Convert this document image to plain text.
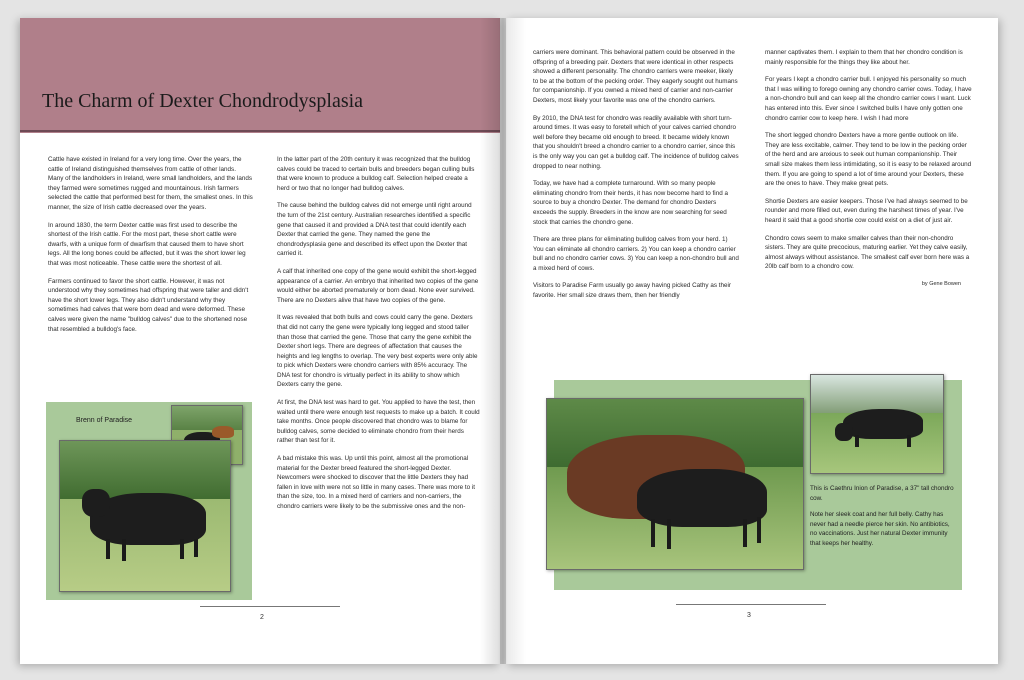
The Charm of Dexter Chondrodysplasia

Cattle have existed in Ireland for a very long time. Over the years, the cattle of Ireland distinguished themselves from cattle of other lands. Many of the landholders in Ireland, were small landholders, and the lands they farmed were sometimes rugged and mountainous. Irish farmers selected the cattle that performed best for them, the smallest ones. In this manner, the size of Irish cattle decreased over the years.

In around 1830, the term Dexter cattle was first used to describe the shortest of the Irish cattle. For the most part, these short cattle were dwarfs, with a unique form of dwarfism that caused them to have short legs. All the long bones could be affected, but it was the short lower leg that was most noticeable. These cattle were the shortest of all.

Farmers continued to favor the short cattle. However, it was not understood why they sometimes had offspring that were taller and didn't have the short lower legs. They also didn't understand why they sometimes had calves that were born dead and were deformed. These calves were given the name "bulldog calves" due to the shortened nose that resembled a bulldog's face.

In the latter part of the 20th century it was recognized that the bulldog calves could be traced to certain bulls and breeders began culling bulls that were known to produce a bulldog calf. Selection helped create a herd or two that no longer had bulldog calves.

The cause behind the bulldog calves did not emerge until right around the turn of the 21st century. Australian researches identified a specific gene that caused it and provided a DNA test that could identify each Dexter that carried the gene. They named the gene the chondrodysplasia gene and described its effect upon the Dexter that carried it.

A calf that inherited one copy of the gene would exhibit the short-legged appearance of a carrier. An embryo that inherited two copies of the gene would either be aborted prematurely or born dead. None ever survived. There are no Dexters alive that have two copies of the gene.

It was revealed that both bulls and cows could carry the gene. Dexters that did not carry the gene were typically long legged and stood taller than those that carried the gene. Those that carry the gene exhibit the Dexter short legs. There are degrees of affectation that causes the heights and leg lengths to overlap. The very best experts were only able to pick which Dexters were chondro carriers with 85% accuracy. The DNA test for chondro is virtually perfect in its ability to show which Dexters carry the gene.

At first, the DNA test was hard to get. You applied to have the test, then waited until there were enough test requests to make up a batch. It could take months. Once people discovered that chondro was to blame for bulldog calves, some decided to eliminate chondro from their herds rather than test for it.

A bad mistake this was. Up until this point, almost all the promotional material for the Dexter breed featured the short-legged Dexter. Newcomers were shocked to discover that the little Dexters they had fallen in love with were not so little in many cases. There was more to it than the size, too. In a mixed herd of carriers and non-carriers, the chondro carriers were likely to be the submissive ones and the non-

Brenn of Paradise
2

carriers were dominant. This behavioral pattern could be observed in the offspring of a breeding pair. Dexters that were identical in other respects showed a different personality. The chondro carriers were meeker, likely to be at the bottom of the pecking order. They eagerly sought out humans for companionship. If you owned a mixed herd of carrier and non-carrier Dexters, most likely your favorite was one of the chondro carriers.

By 2010, the DNA test for chondro was readily available with short turn-around times. It was easy to foretell which of your calves carried chondro well before they became old enough to breed. It became widely known that you shouldn't breed a chondro carrier to a chondro carrier, since this is the only way you can get a bulldog calf. The incidence of bulldog calves dropped to near nothing.

Today, we have had a complete turnaround. With so many people eliminating chondro from their herds, it has now become hard to find a source to buy a chondro Dexter. The demand for chondro Dexters exceeds the supply. Breeders in the know are now searching for seed stock that carries the chondro gene.

There are three plans for eliminating bulldog calves from your herd. 1) You can eliminate all chondro carriers. 2) You can keep a chondro carrier bull and no chondro carrier cows. 3) You can keep a non-chondro bull and a mixed herd of cows.

Visitors to Paradise Farm usually go away having picked Cathy as their favorite. Her small size draws them, then her friendly

manner captivates them. I explain to them that her chondro condition is mainly responsible for the things they like about her.

For years I kept a chondro carrier bull. I enjoyed his personality so much that I was willing to forego owning any chondro carrier cows. Today, I have a non-chondro bull and can keep all the chondro carrier cows I want. Luck has entered into this. Ever since I switched bulls I have only gotten one chondro carrier cow to keep here. I wish I had more

The short legged chondro Dexters have a more gentle outlook on life. They are less excitable, calmer. They tend to be low in the pecking order of the herd and are anxious to seek out human companionship. Their small size makes them less intimidating, so it is easy to be relaxed around them. If you are going to spend a lot of time around your Dexters, these are the ones to have. They make great pets.

Shortie Dexters are easier keepers. Those I've had always seemed to be rounder and more filled out, even during the harshest times of year. I've heard it said that a good shortie cow could exist on a diet of just air.

Chondro cows seem to make smaller calves than their non-chondro sisters. They are quite precocious, maturing earlier. Yet they calve easily, almost always without assistance. The smallest calf ever born here was a 20lb calf born to a chondro cow.

by Gene Bowen

This is Caethru Inion of Paradise, a 37" tall chondro cow.

Note her sleek coat and her full belly. Cathy has never had a needle pierce her skin. No antibiotics, no vaccinations. Just her natural Dexter immunity that keeps her healthy.

3
